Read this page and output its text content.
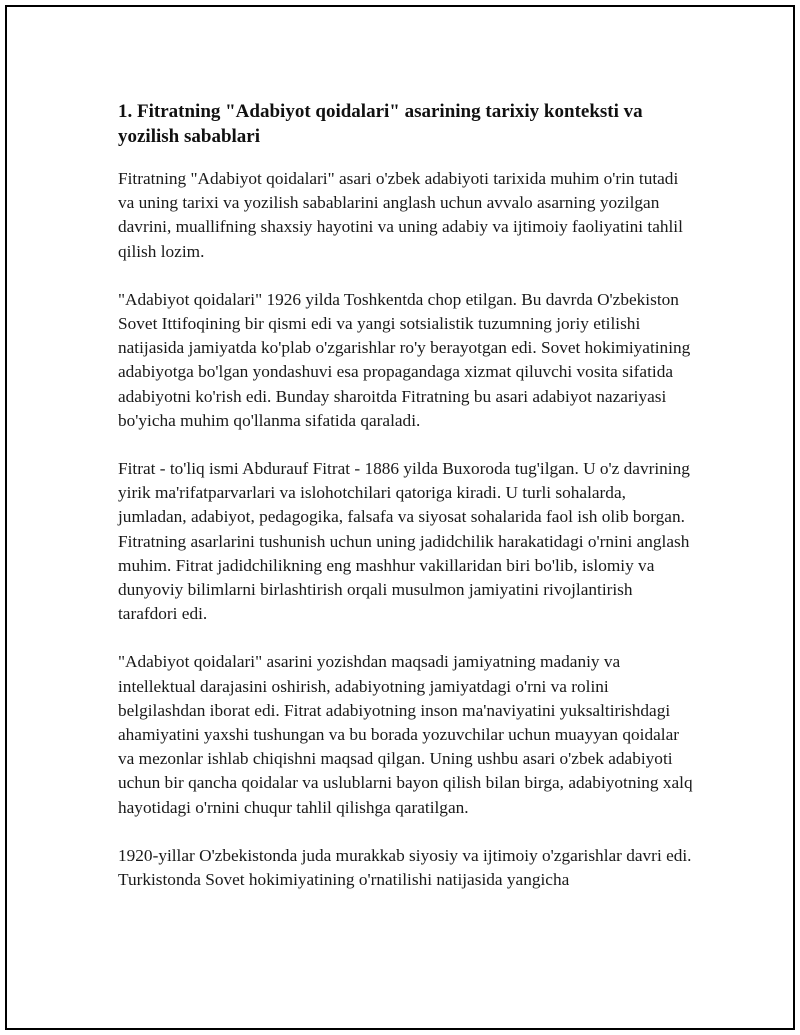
1. Fitratning "Adabiyot qoidalari" asarining tarixiy konteksti va yozilish sabablari

Fitratning "Adabiyot qoidalari" asari o'zbek adabiyoti tarixida muhim o'rin tutadi va uning tarixi va yozilish sabablarini anglash uchun avvalo asarning yozilgan davrini, muallifning shaxsiy hayotini va uning adabiy va ijtimoiy faoliyatini tahlil qilish lozim.

"Adabiyot qoidalari" 1926 yilda Toshkentda chop etilgan. Bu davrda O'zbekiston Sovet Ittifoqining bir qismi edi va yangi sotsialistik tuzumning joriy etilishi natijasida jamiyatda ko'plab o'zgarishlar ro'y berayotgan edi. Sovet hokimiyatining adabiyotga bo'lgan yondashuvi esa propagandaga xizmat qiluvchi vosita sifatida adabiyotni ko'rish edi. Bunday sharoitda Fitratning bu asari adabiyot nazariyasi bo'yicha muhim qo'llanma sifatida qaraladi.

Fitrat - to'liq ismi Abdurauf Fitrat - 1886 yilda Buxoroda tug'ilgan. U o'z davrining yirik ma'rifatparvarlari va islohotchilari qatoriga kiradi. U turli sohalarda, jumladan, adabiyot, pedagogika, falsafa va siyosat sohalarida faol ish olib borgan. Fitratning asarlarini tushunish uchun uning jadidchilik harakatidagi o'rnini anglash muhim. Fitrat jadidchilikning eng mashhur vakillaridan biri bo'lib, islomiy va dunyoviy bilimlarni birlashtirish orqali musulmon jamiyatini rivojlantirish tarafdori edi.

"Adabiyot qoidalari" asarini yozishdan maqsadi jamiyatning madaniy va intellektual darajasini oshirish, adabiyotning jamiyatdagi o'rni va rolini belgilashdan iborat edi. Fitrat adabiyotning inson ma'naviyatini yuksaltirishdagi ahamiyatini yaxshi tushungan va bu borada yozuvchilar uchun muayyan qoidalar va mezonlar ishlab chiqishni maqsad qilgan. Uning ushbu asari o'zbek adabiyoti uchun bir qancha qoidalar va uslublarni bayon qilish bilan birga, adabiyotning xalq hayotidagi o'rnini chuqur tahlil qilishga qaratilgan.

1920-yillar O'zbekistonda juda murakkab siyosiy va ijtimoiy o'zgarishlar davri edi. Turkistonda Sovet hokimiyatining o'rnatilishi natijasida yangicha
